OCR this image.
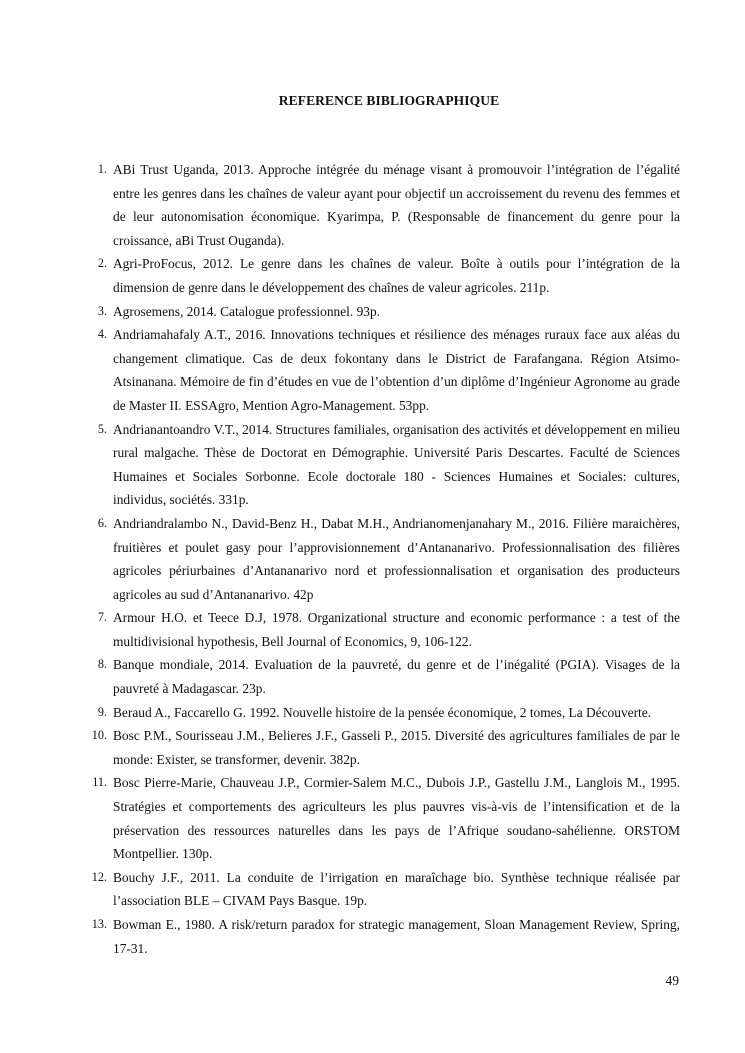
REFERENCE BIBLIOGRAPHIQUE
1. ABi Trust Uganda, 2013. Approche intégrée du ménage visant à promouvoir l’intégration de l’égalité entre les genres dans les chaînes de valeur ayant pour objectif un accroissement du revenu des femmes et de leur autonomisation économique. Kyarimpa, P. (Responsable de financement du genre pour la croissance, aBi Trust Ouganda).
2. Agri-ProFocus, 2012. Le genre dans les chaînes de valeur. Boîte à outils pour l’intégration de la dimension de genre dans le développement des chaînes de valeur agricoles. 211p.
3. Agrosemens, 2014. Catalogue professionnel. 93p.
4. Andriamahafaly A.T., 2016. Innovations techniques et résilience des ménages ruraux face aux aléas du changement climatique. Cas de deux fokontany dans le District de Farafangana. Région Atsimo-Atsinanana. Mémoire de fin d’études en vue de l’obtention d’un diplôme d’Ingénieur Agronome au grade de Master II. ESSAgro, Mention Agro-Management. 53pp.
5. Andrianantoandro V.T., 2014. Structures familiales, organisation des activités et développement en milieu rural malgache. Thèse de Doctorat en Démographie. Université Paris Descartes. Faculté de Sciences Humaines et Sociales Sorbonne. Ecole doctorale 180 - Sciences Humaines et Sociales: cultures, individus, sociétés. 331p.
6. Andriandralambo N., David-Benz H., Dabat M.H., Andrianomenjanahary M., 2016. Filière maraichères, fruitières et poulet gasy pour l’approvisionnement d’Antananarivo. Professionnalisation des filières agricoles périurbaines d’Antananarivo nord et professionnalisation et organisation des producteurs agricoles au sud d’Antananarivo. 42p
7. Armour H.O. et Teece D.J, 1978. Organizational structure and economic performance : a test of the multidivisional hypothesis, Bell Journal of Economics, 9, 106-122.
8. Banque mondiale, 2014. Evaluation de la pauvreté, du genre et de l’inégalité (PGIA). Visages de la pauvreté à Madagascar. 23p.
9. Beraud A., Faccarello G. 1992. Nouvelle histoire de la pensée économique, 2 tomes, La Découverte.
10. Bosc P.M., Sourisseau J.M., Belieres J.F., Gasseli P., 2015. Diversité des agricultures familiales de par le monde: Exister, se transformer, devenir. 382p.
11. Bosc Pierre-Marie, Chauveau J.P., Cormier-Salem M.C., Dubois J.P., Gastellu J.M., Langlois M., 1995. Stratégies et comportements des agriculteurs les plus pauvres vis-à-vis de l’intensification et de la préservation des ressources naturelles dans les pays de l’Afrique soudano-sahélienne. ORSTOM Montpellier. 130p.
12. Bouchy J.F., 2011. La conduite de l’irrigation en maraîchage bio. Synthèse technique réalisée par l’association BLE – CIVAM Pays Basque. 19p.
13. Bowman E., 1980. A risk/return paradox for strategic management, Sloan Management Review, Spring, 17-31.
49
